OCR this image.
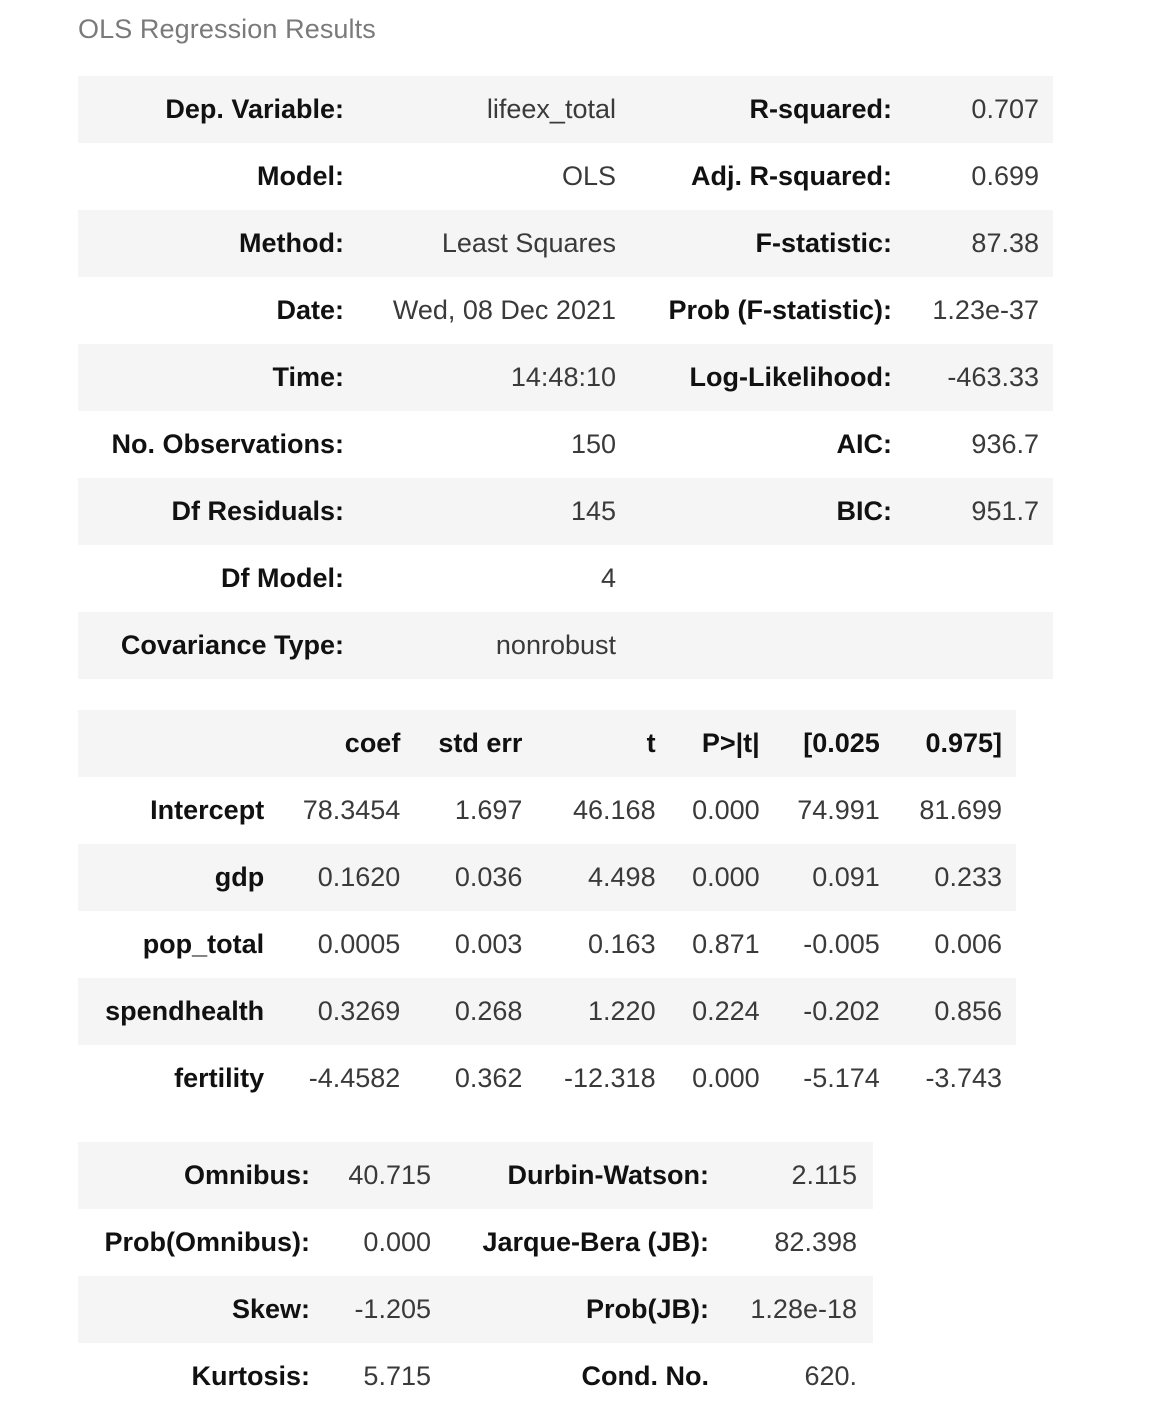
OLS Regression Results
Dep. Variable:	lifeex_total	R-squared:	0.707
Model:	OLS	Adj. R-squared:	0.699
Method:	Least Squares	F-statistic:	87.38
Date:	Wed, 08 Dec 2021	Prob (F-statistic):	1.23e-37
Time:	14:48:10	Log-Likelihood:	-463.33
No. Observations:	150	AIC:	936.7
Df Residuals:	145	BIC:	951.7
Df Model:	4		
Covariance Type:	nonrobust		
	coef	std err	t	P>|t|	[0.025	0.975]
Intercept	78.3454	1.697	46.168	0.000	74.991	81.699
gdp	0.1620	0.036	4.498	0.000	0.091	0.233
pop_total	0.0005	0.003	0.163	0.871	-0.005	0.006
spendhealth	0.3269	0.268	1.220	0.224	-0.202	0.856
fertility	-4.4582	0.362	-12.318	0.000	-5.174	-3.743
Omnibus:	40.715	Durbin-Watson:	2.115
Prob(Omnibus):	0.000	Jarque-Bera (JB):	82.398
Skew:	-1.205	Prob(JB):	1.28e-18
Kurtosis:	5.715	Cond. No.	620.
